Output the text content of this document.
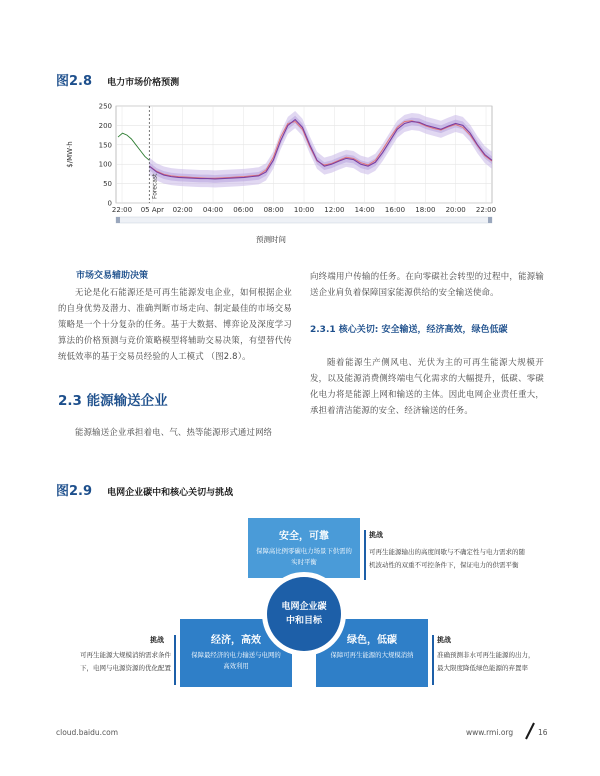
图2.8 电力市场价格预测
0
50
100
150
200
250
22:00 05 Apr 02:00 04:00 06:00 08:00 10:00 12:00 14:00 16:00 18:00 20:00 22:00
$/MW·h
Forecast
预测时间
市场交易辅助决策
无论是化石能源还是可再生能源发电企业，如何根据企业的自身优势及潜力、准确判断市场走向、制定最佳的市场交易策略是一个十分复杂的任务。基于大数据、博弈论及深度学习算法的价格预测与竞价策略模型将辅助交易决策，有望替代传统低效率的基于交易员经验的人工模式 （图2.8）。
2.3 能源输送企业
能源输送企业承担着电、气、热等能源形式通过网络
向终端用户传输的任务。在向零碳社会转型的过程中，能源输送企业肩负着保障国家能源供给的安全输送使命。
2.3.1 核心关切: 安全输送，经济高效，绿色低碳
随着能源生产侧风电、光伏为主的可再生能源大规模开发，以及能源消费侧终端电气化需求的大幅提升，低碳、零碳化电力将是能源上网和输送的主体。因此电网企业责任重大，承担着清洁能源的安全、经济输送的任务。
图2.9 电网企业碳中和核心关切与挑战
安全，可靠
保障高比例零碳电力场景下供需的实时平衡
经济，高效
保障最经济的电力输送与电网的高效利用
绿色，低碳
保障可再生能源的大规模消纳
电网企业碳中和目标
挑战
可再生能源输出的高度间歇与不确定性与电力需求的随机波动性的双重不可控条件下，保证电力的供需平衡
挑战
可再生能源大规模消纳需求条件下，电网与电源资源的优化配置
挑战
准确预测非水可再生能源的出力，最大限度降低绿色能源的弃置率
cloud.baidu.com	www.rmi.org	16
